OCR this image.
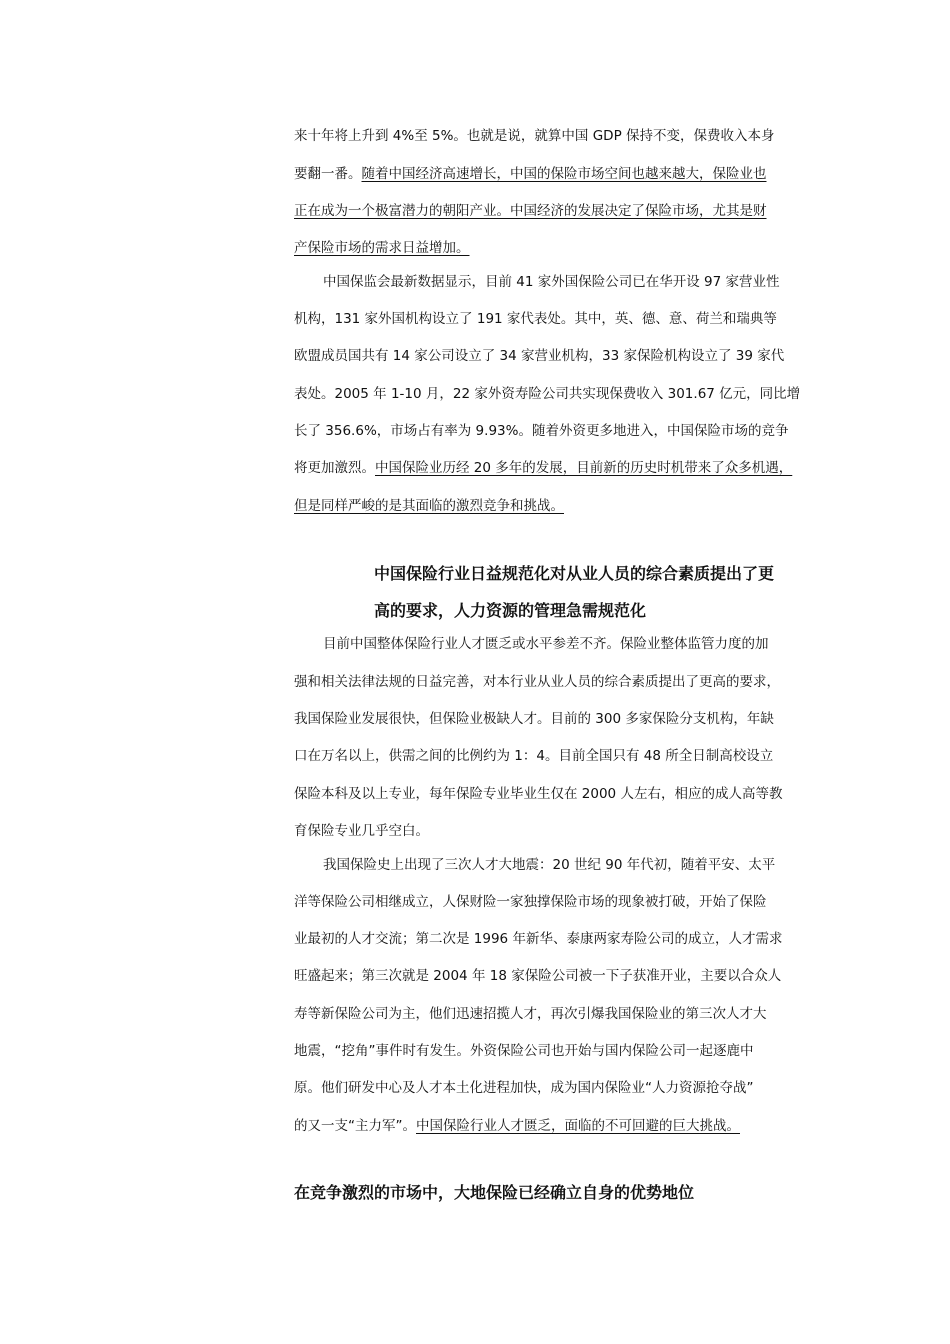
来十年将上升到 4%至 5%。也就是说，就算中国 GDP 保持不变，保费收入本身
要翻一番。随着中国经济高速增长，中国的保险市场空间也越来越大，保险业也
正在成为一个极富潜力的朝阳产业。中国经济的发展决定了保险市场，尤其是财
产保险市场的需求日益增加。
中国保监会最新数据显示，目前 41 家外国保险公司已在华开设 97 家营业性
机构，131 家外国机构设立了 191 家代表处。其中，英、德、意、荷兰和瑞典等
欧盟成员国共有 14 家公司设立了 34 家营业机构，33 家保险机构设立了 39 家代
表处。2005 年 1-10 月，22 家外资寿险公司共实现保费收入 301.67 亿元，同比增
长了 356.6%，市场占有率为 9.93%。随着外资更多地进入，中国保险市场的竞争
将更加激烈。中国保险业历经 20 多年的发展，目前新的历史时机带来了众多机遇，
但是同样严峻的是其面临的激烈竞争和挑战。
中国保险行业日益规范化对从业人员的综合素质提出了更
高的要求，人力资源的管理急需规范化
目前中国整体保险行业人才匮乏或水平参差不齐。保险业整体监管力度的加
强和相关法律法规的日益完善，对本行业从业人员的综合素质提出了更高的要求，
我国保险业发展很快，但保险业极缺人才。目前的 300 多家保险分支机构，年缺
口在万名以上，供需之间的比例约为 1：4。目前全国只有 48 所全日制高校设立
保险本科及以上专业，每年保险专业毕业生仅在 2000 人左右，相应的成人高等教
育保险专业几乎空白。
我国保险史上出现了三次人才大地震：20 世纪 90 年代初，随着平安、太平
洋等保险公司相继成立，人保财险一家独撑保险市场的现象被打破，开始了保险
业最初的人才交流；第二次是 1996 年新华、泰康两家寿险公司的成立，人才需求
旺盛起来；第三次就是 2004 年 18 家保险公司被一下子获准开业，主要以合众人
寿等新保险公司为主，他们迅速招揽人才，再次引爆我国保险业的第三次人才大
地震，“挖角”事件时有发生。外资保险公司也开始与国内保险公司一起逐鹿中
原。他们研发中心及人才本土化进程加快，成为国内保险业“人力资源抢夺战”
的又一支“主力军”。中国保险行业人才匮乏，面临的不可回避的巨大挑战。
在竞争激烈的市场中，大地保险已经确立自身的优势地位
